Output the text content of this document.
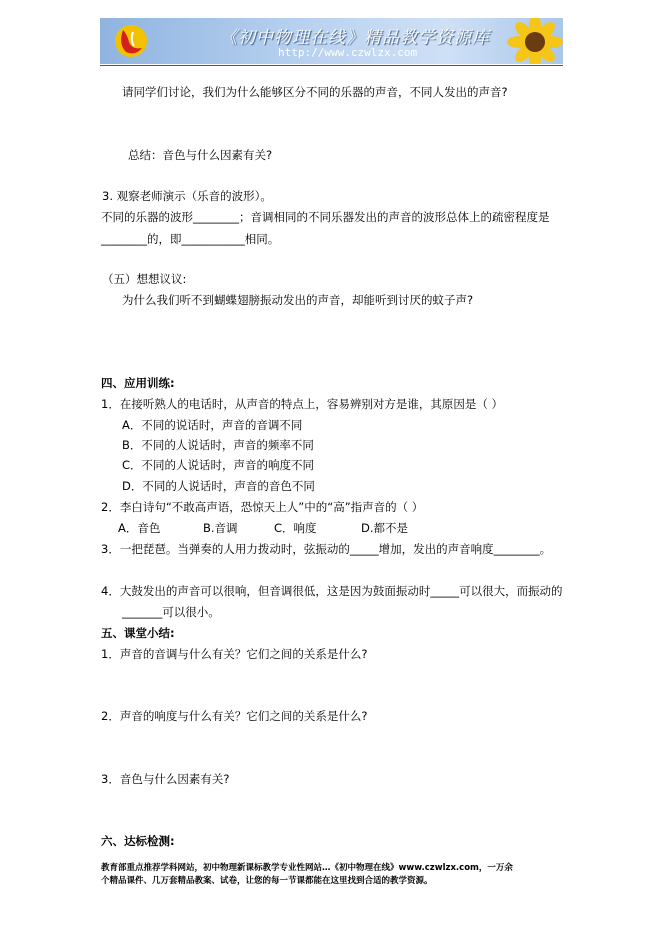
《初中物理在线》精品教学资源库
http://www.czwlzx.com
请同学们讨论，我们为什么能够区分不同的乐器的声音，不同人发出的声音?
总结：音色与什么因素有关?
3. 观察老师演示（乐音的波形）。
不同的乐器的波形________；音调相同的不同乐器发出的声音的波形总体上的疏密程度是
________的，即___________相同。
（五）想想议议:
为什么我们听不到蝴蝶翅膀振动发出的声音，却能听到讨厌的蚊子声?
四、应用训练:
1．在接听熟人的电话时，从声音的特点上，容易辨别对方是谁，其原因是（ ）
A．不同的说话时，声音的音调不同
B．不同的人说话时，声音的频率不同
C．不同的人说话时，声音的响度不同
D．不同的人说话时，声音的音色不同
2．李白诗句“不敢高声语，恐惊天上人”中的“高”指声音的（ ）
A．音色	B.音调	C．响度	D.都不是
3．一把琵琶。当弹奏的人用力拨动时，弦振动的_____增加，发出的声音响度________。
4．大鼓发出的声音可以很响，但音调很低，这是因为鼓面振动时_____可以很大，而振动的
_______可以很小。
五、课堂小结:
1．声音的音调与什么有关？它们之间的关系是什么?
2．声音的响度与什么有关？它们之间的关系是什么?
3．音色与什么因素有关?
六、达标检测:
教育部重点推荐学科网站，初中物理新课标教学专业性网站…《初中物理在线》www.czwlzx.com，一万余
个精品课件、几万套精品教案、试卷，让您的每一节课都能在这里找到合适的教学资源。
